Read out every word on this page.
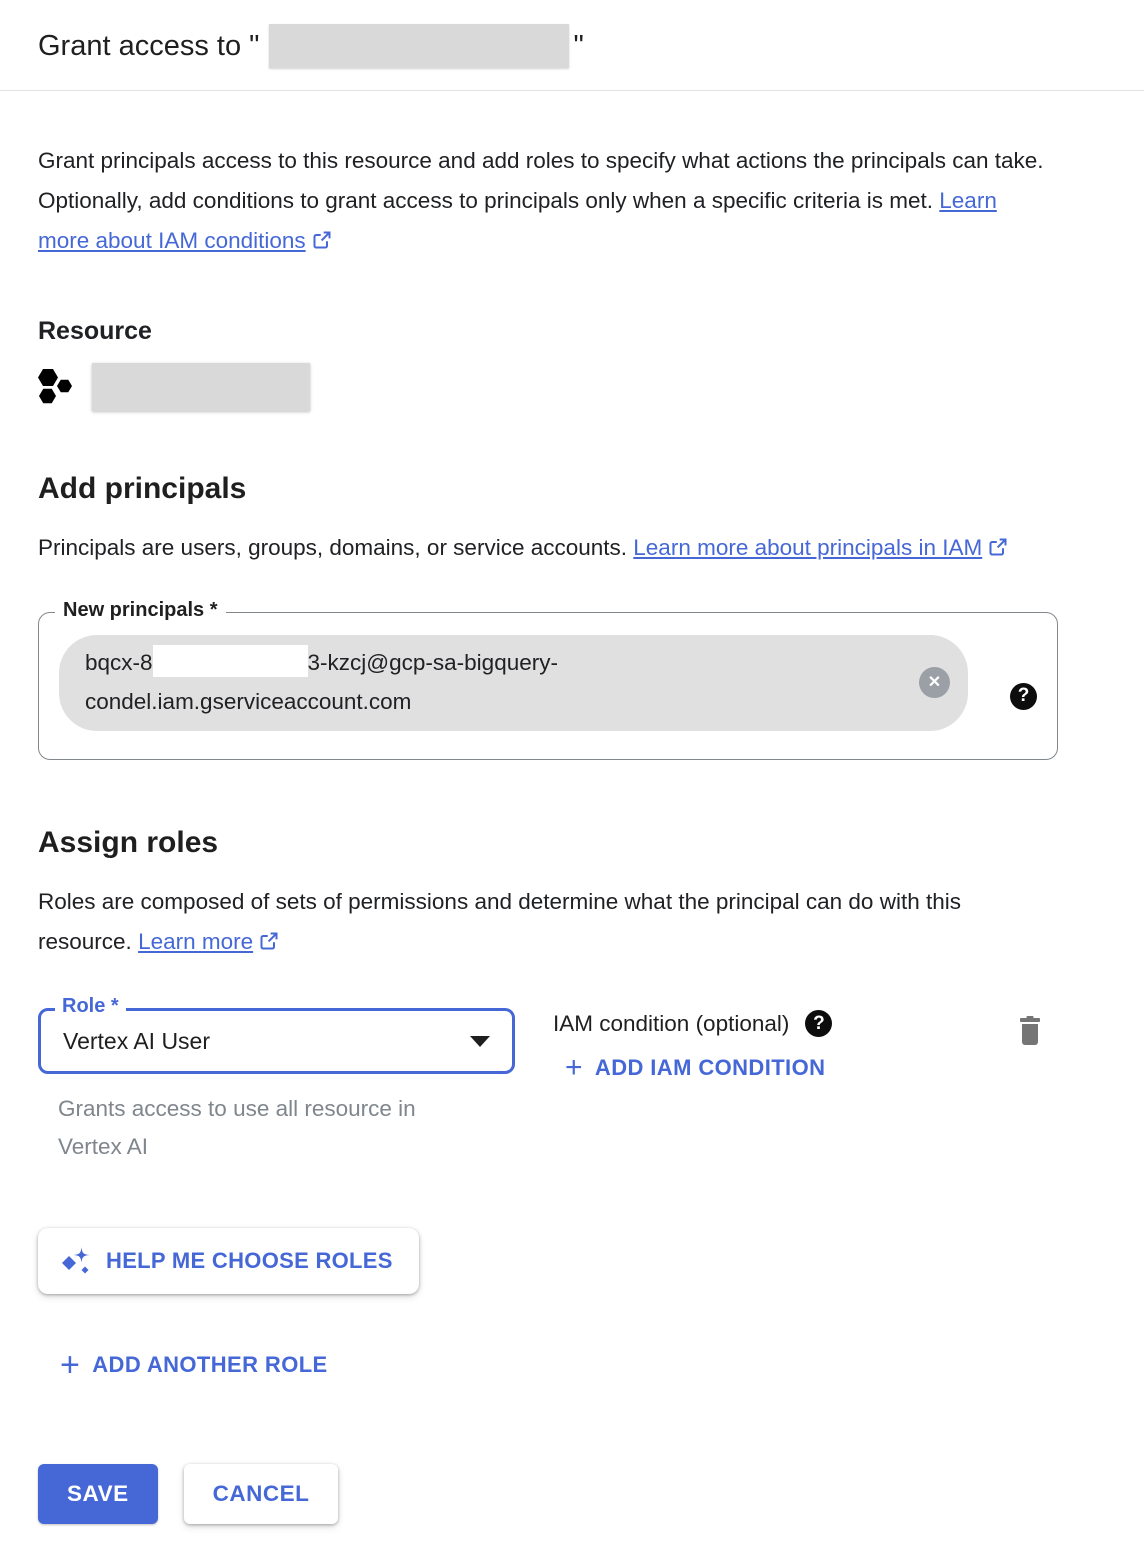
Grant access to "	"

Grant principals access to this resource and add roles to specify what actions the principals can take. Optionally, add conditions to grant access to principals only when a specific criteria is met. Learn more about IAM conditions

Resource
Add principals

Principals are users, groups, domains, or service accounts. Learn more about principals in IAM

New principals *
bqcx-8	3-kzcj@gcp-sa-bigquery-
condel.iam.gserviceaccount.com
✕
?
Assign roles

Roles are composed of sets of permissions and determine what the principal can do with this resource. Learn more

Role *
Vertex AI User
Grants access to use all resource in Vertex AI
IAM condition (optional) ?
+ ADD IAM CONDITION
HELP ME CHOOSE ROLES
+ ADD ANOTHER ROLE
SAVE	CANCEL
